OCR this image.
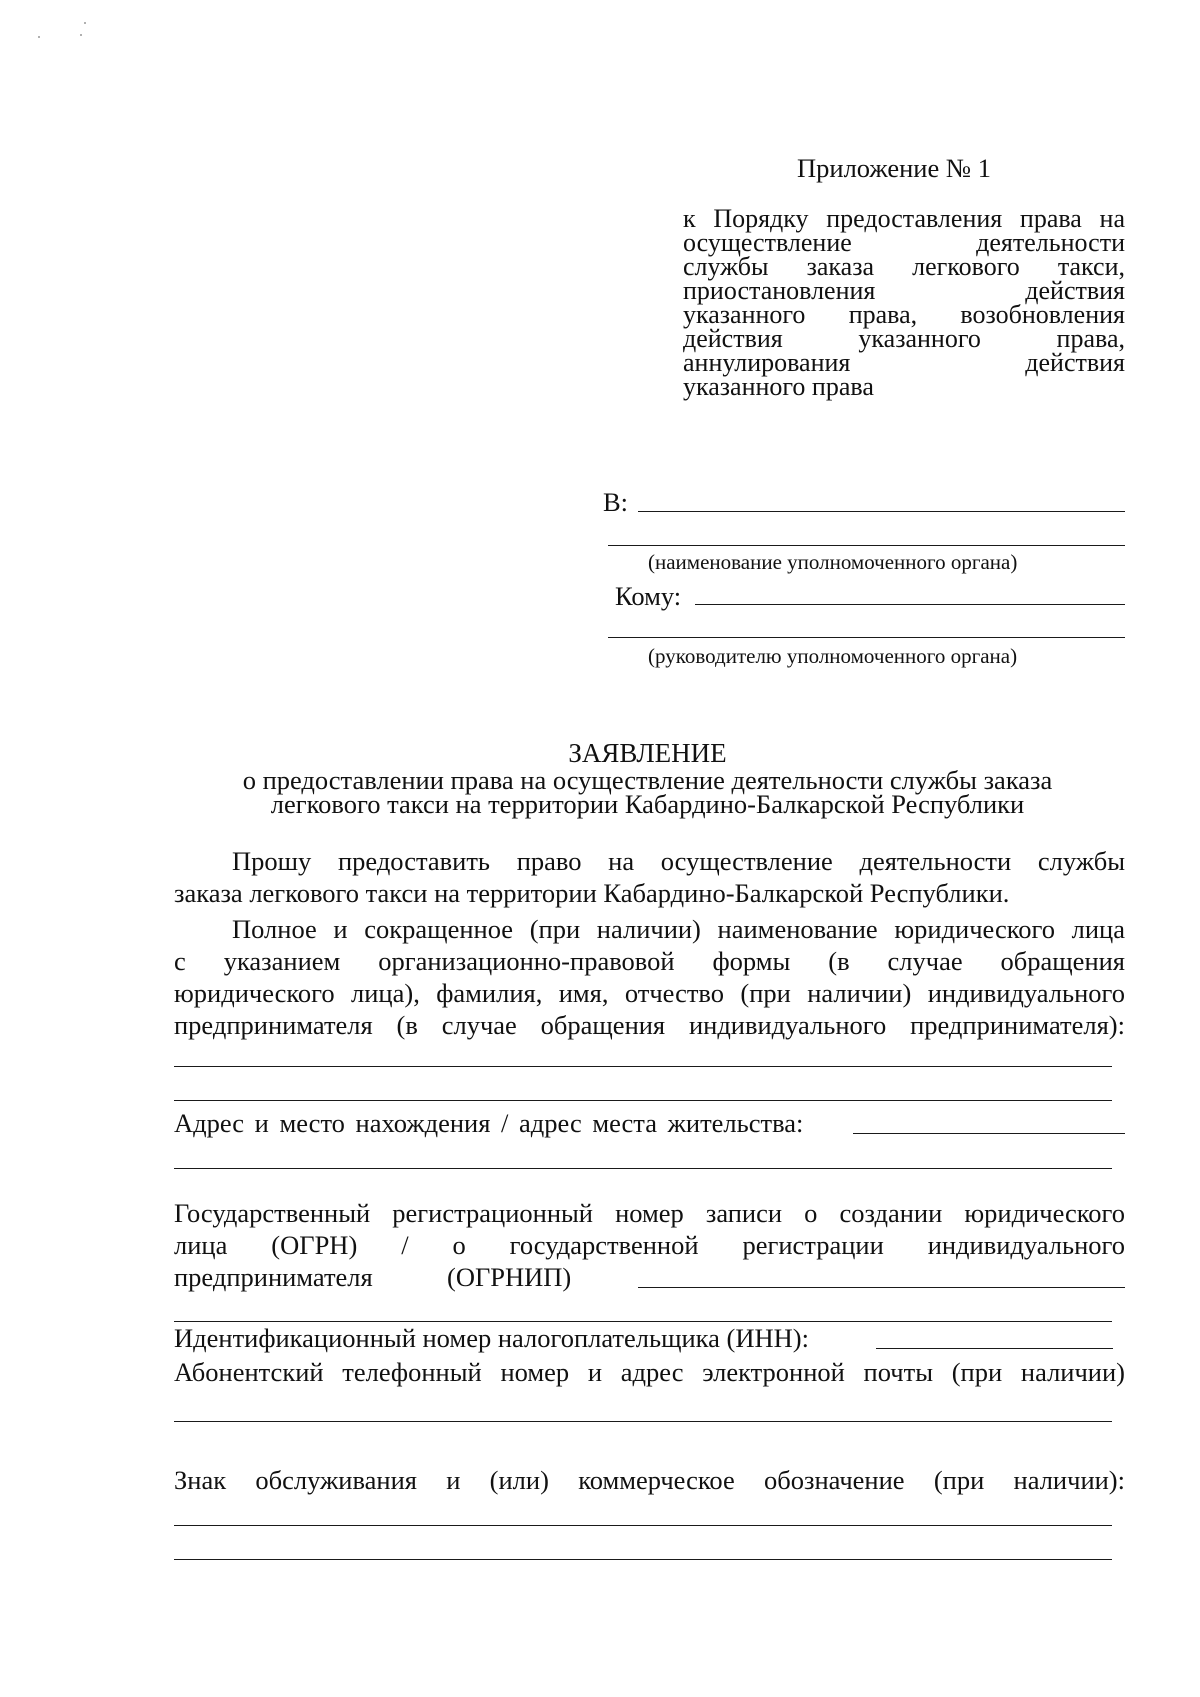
Приложение № 1
к Порядку предоставления права на
осуществление деятельности
службы заказа легкового такси,
приостановления действия
указанного права, возобновления
действия указанного права,
аннулирования действия
указанного права
В:
(наименование уполномоченного органа)
Кому:
(руководителю уполномоченного органа)
ЗАЯВЛЕНИЕ
о предоставлении права на осуществление деятельности службы заказа
легкового такси на территории Кабардино-Балкарской Республики
Прошу предоставить право на осуществление деятельности службы
заказа легкового такси на территории Кабардино-Балкарской Республики.
Полное и сокращенное (при наличии) наименование юридического лица
с указанием организационно-правовой формы (в случае обращения
юридического лица), фамилия, имя, отчество (при наличии) индивидуального
предпринимателя (в случае обращения индивидуального предпринимателя):
Адрес и место нахождения / адрес места жительства:
Государственный регистрационный номер записи о создании юридического
лица (ОГРН) / о государственной регистрации индивидуального
предпринимателя	(ОГРНИП)
Идентификационный номер налогоплательщика (ИНН):
Абонентский телефонный номер и адрес электронной почты (при наличии)
Знак обслуживания и (или) коммерческое обозначение (при наличии):
